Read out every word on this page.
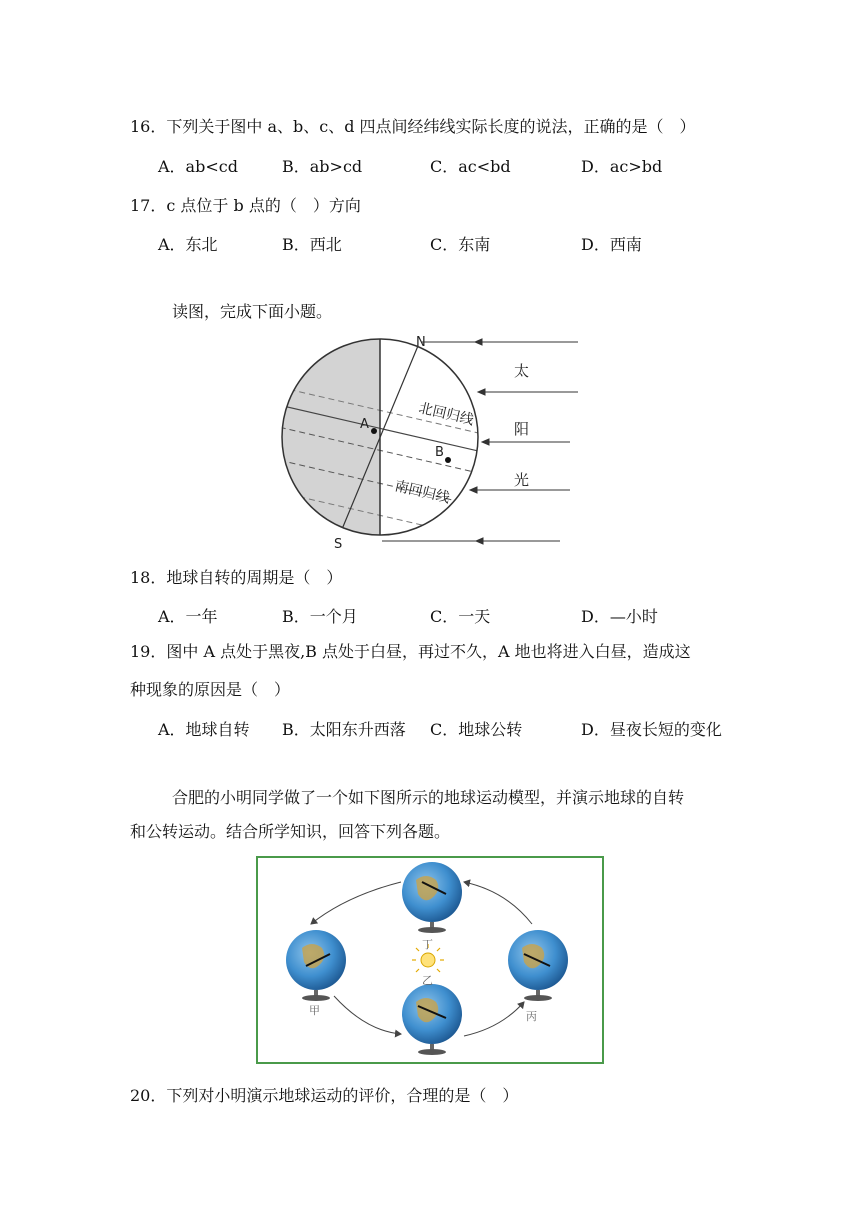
16．下列关于图中 a、b、c、d 四点间经纬线实际长度的说法，正确的是（　）
A．ab<cd	B．ab>cd	C．ac<bd	D．ac>bd
17．c 点位于 b 点的（　）方向
A．东北	B．西北	C．东南	D．西南
读图，完成下面小题。
N
S
A
B
北回归线
南回归线
太
阳
光
18．地球自转的周期是（　）
A．一年	B．一个月	C．一天	D．—小时
19．图中 A 点处于黑夜,B 点处于白昼，再过不久，A 地也将进入白昼，造成这
种现象的原因是（　）
A．地球自转 B．太阳东升西落 C．地球公转	D．昼夜长短的变化
合肥的小明同学做了一个如下图所示的地球运动模型，并演示地球的自转
和公转运动。结合所学知识，回答下列各题。
丁
乙
甲	丙
20．下列对小明演示地球运动的评价，合理的是（　）
